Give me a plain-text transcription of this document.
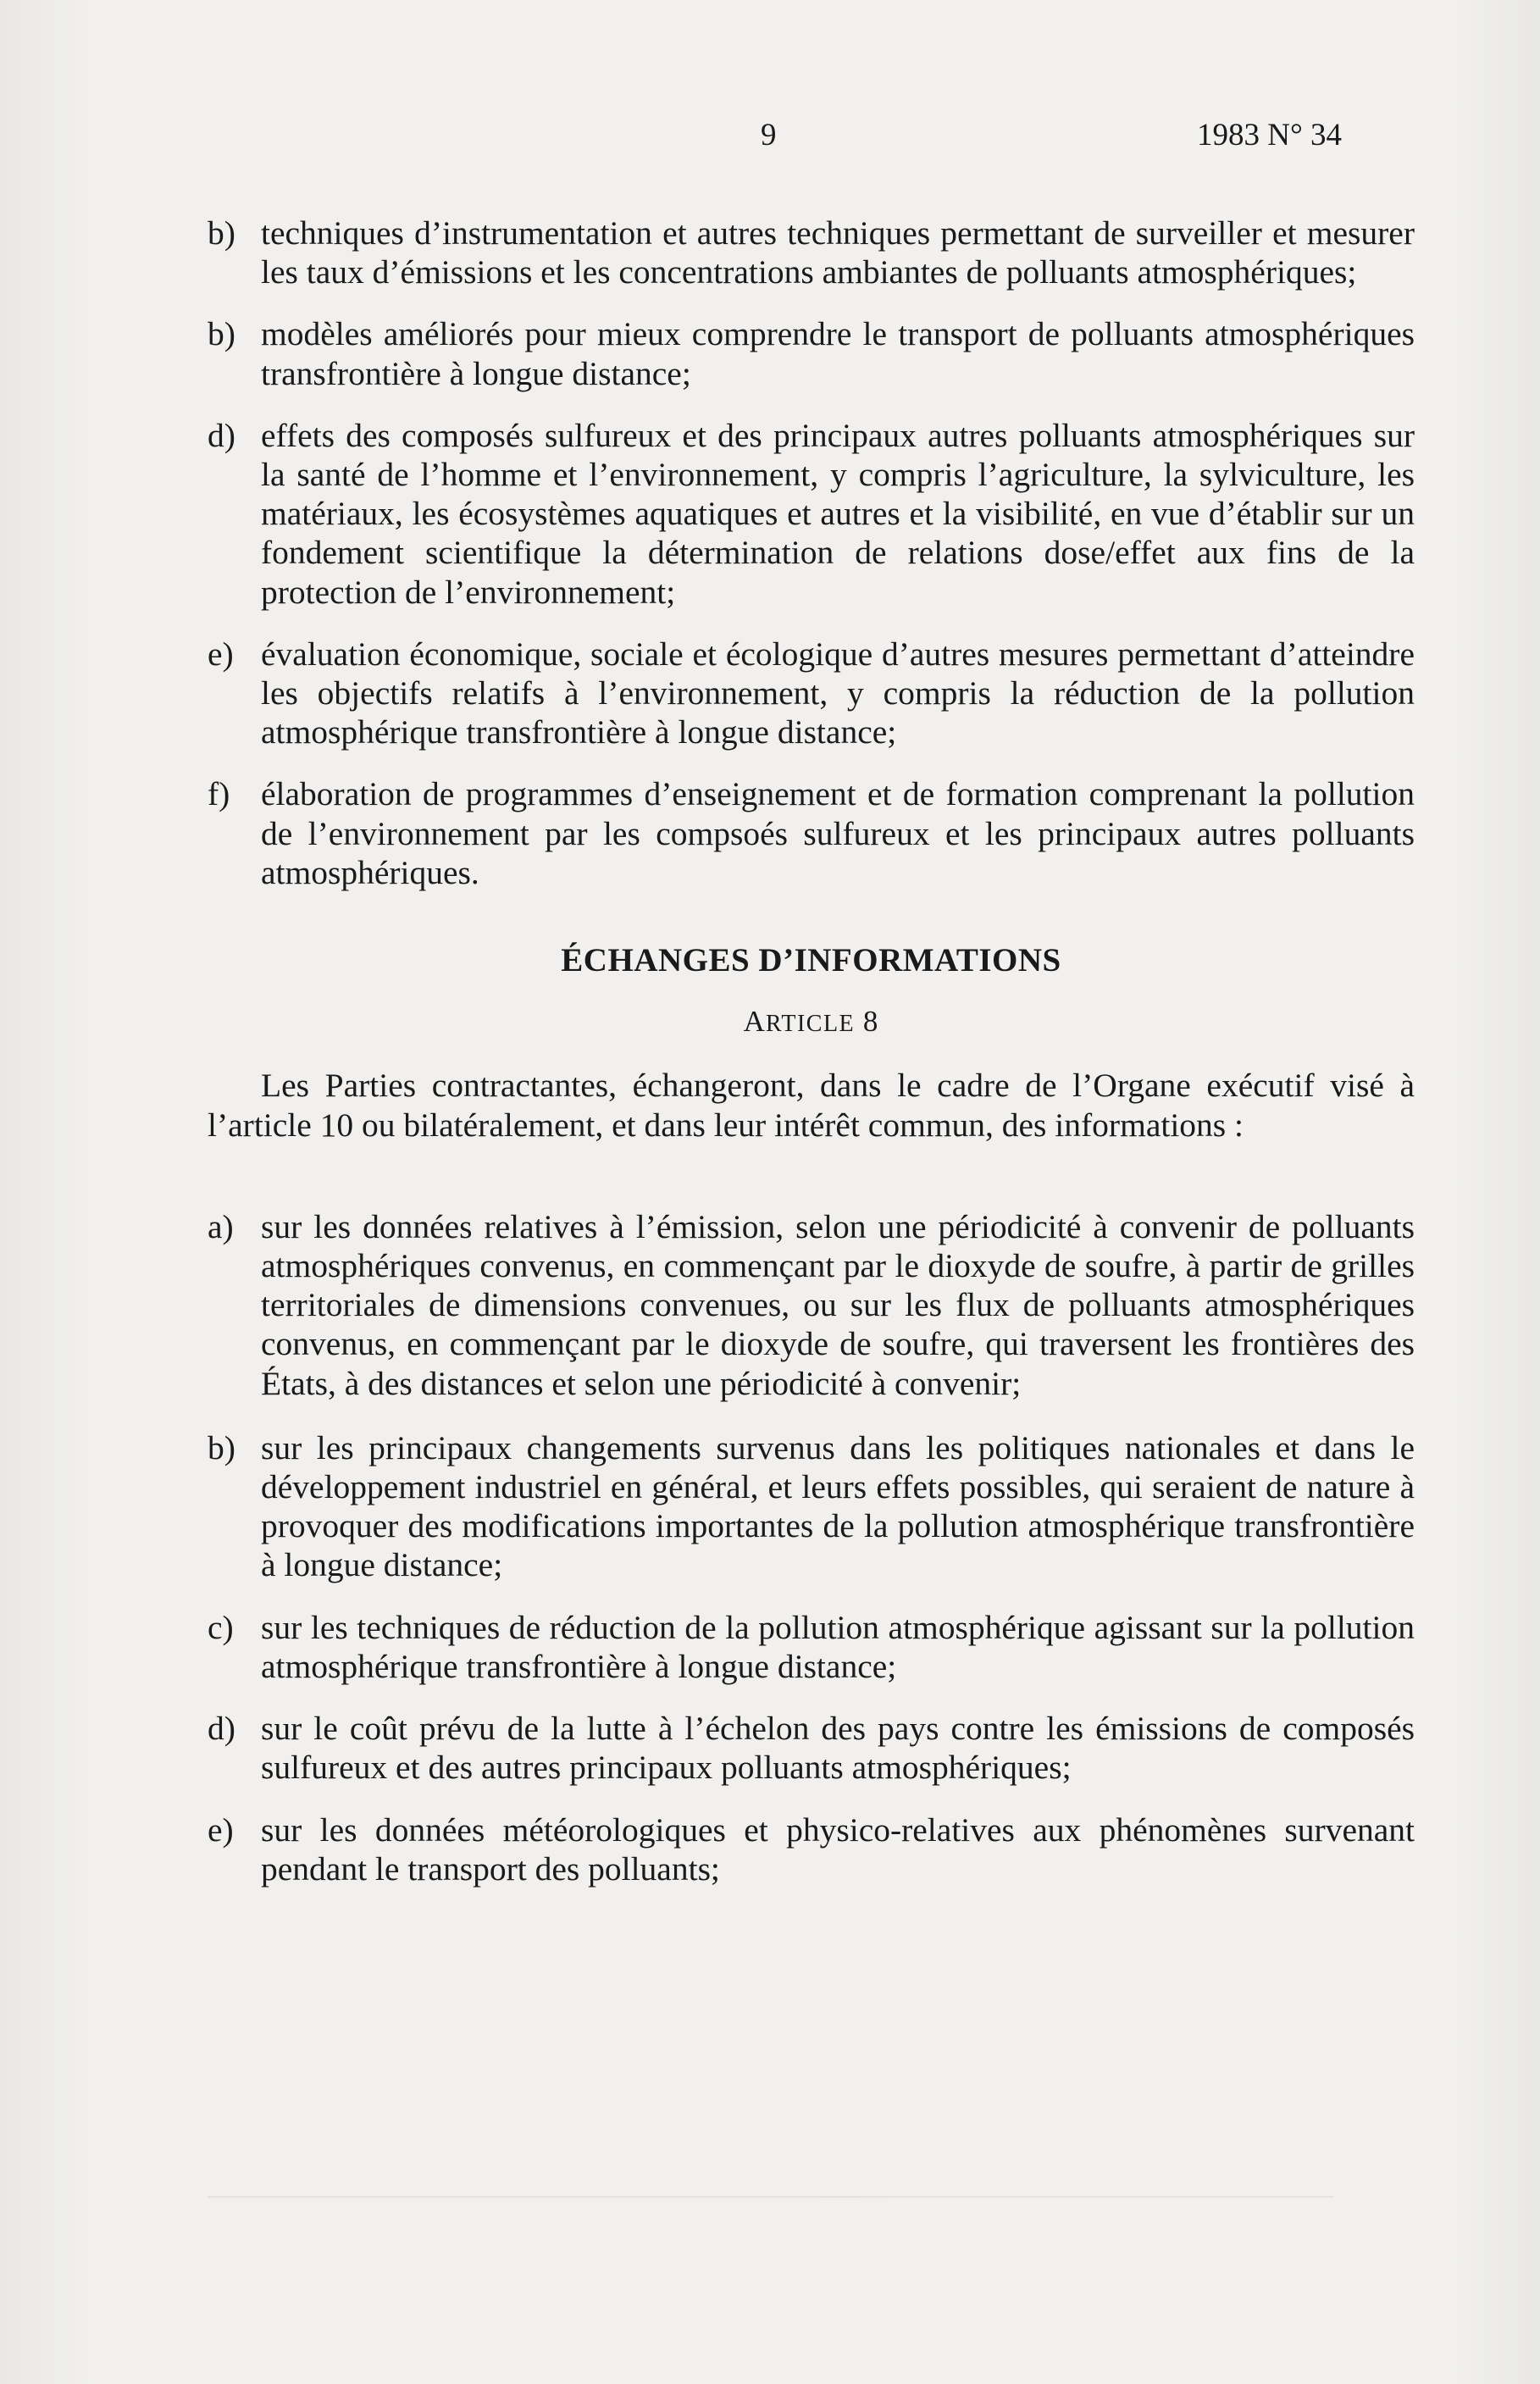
9	1983 N° 34
b) techniques d’instrumentation et autres techniques permettant de surveiller et mesurer les taux d’émissions et les concentrations ambiantes de polluants atmosphériques;
b) modèles améliorés pour mieux comprendre le transport de polluants atmosphériques transfrontière à longue distance;
d) effets des composés sulfureux et des principaux autres polluants atmosphériques sur la santé de l’homme et l’environnement, y compris l’agriculture, la sylviculture, les matériaux, les écosystèmes aquatiques et autres et la visibilité, en vue d’établir sur un fondement scientifique la détermination de relations dose/effet aux fins de la protection de l’environnement;
e) évaluation économique, sociale et écologique d’autres mesures permettant d’atteindre les objectifs relatifs à l’environnement, y compris la réduction de la pollution atmosphérique transfrontière à longue distance;
f) élaboration de programmes d’enseignement et de formation comprenant la pollution de l’environnement par les compsoés sulfureux et les principaux autres polluants atmosphériques.
ÉCHANGES D’INFORMATIONS
ARTICLE 8
Les Parties contractantes, échangeront, dans le cadre de l’Organe exécutif visé à l’article 10 ou bilatéralement, et dans leur intérêt commun, des informations :
a) sur les données relatives à l’émission, selon une périodicité à convenir de polluants atmosphériques convenus, en commençant par le dioxyde de soufre, à partir de grilles territoriales de dimensions convenues, ou sur les flux de polluants atmosphériques convenus, en commençant par le dioxyde de soufre, qui traversent les frontières des États, à des distances et selon une périodicité à convenir;
b) sur les principaux changements survenus dans les politiques nationales et dans le développement industriel en général, et leurs effets possibles, qui seraient de nature à provoquer des modifications importantes de la pollution atmosphérique transfrontière à longue distance;
c) sur les techniques de réduction de la pollution atmosphérique agissant sur la pollution atmosphérique transfrontière à longue distance;
d) sur le coût prévu de la lutte à l’échelon des pays contre les émissions de composés sulfureux et des autres principaux polluants atmosphériques;
e) sur les données météorologiques et physico-relatives aux phénomènes survenant pendant le transport des polluants;
